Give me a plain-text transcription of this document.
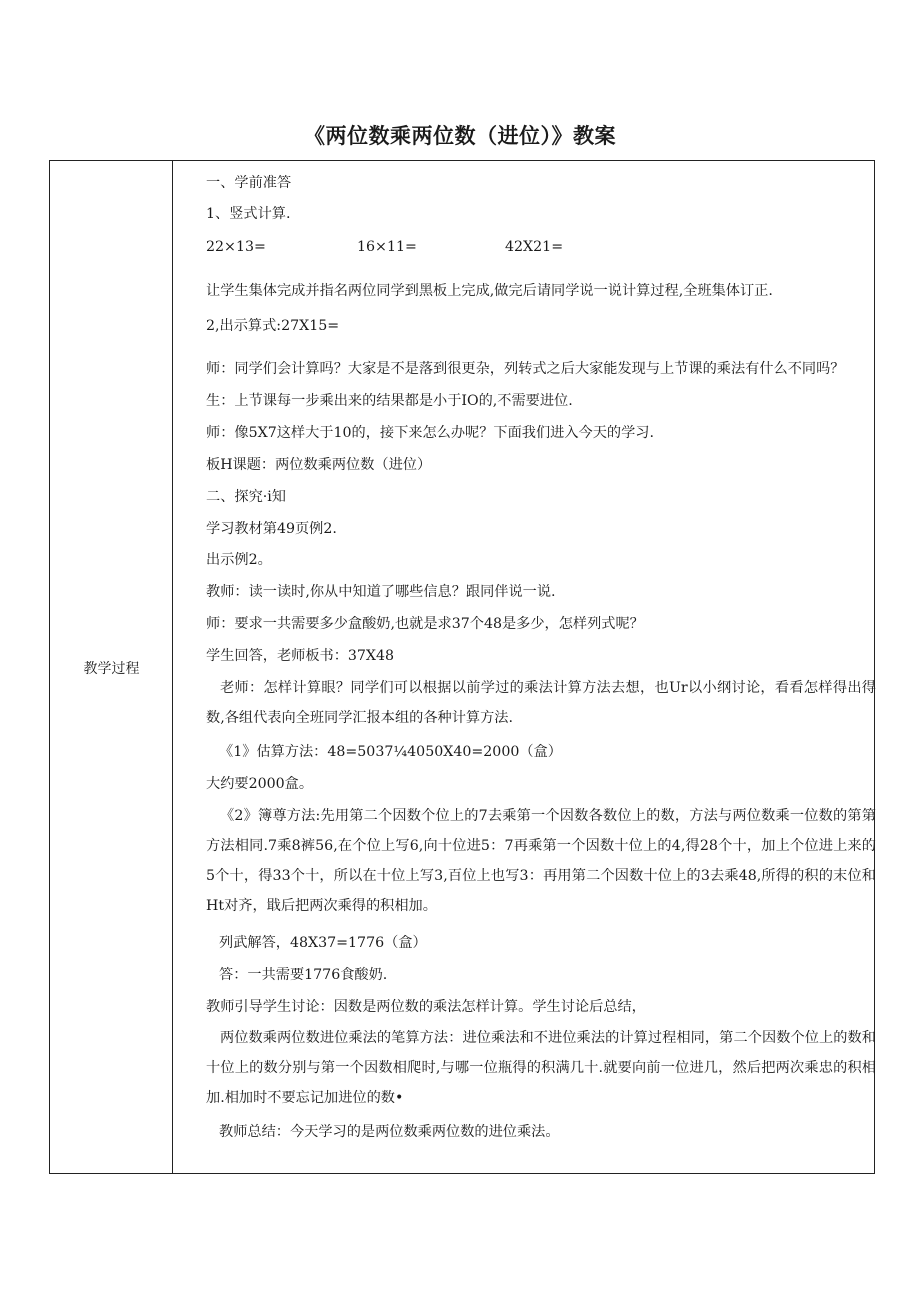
《两位数乘两位数（进位）》教案
教学过程
一、学前准答
1、竖式计算.
22×13=	16×11=	42X21=
让学生集体完成并指名两位同学到黑板上完成,做完后请同学说一说计算过程,全班集体订正.
2,出示算式:27X15=
师：同学们会计算吗？大家是不是落到很更杂，列转式之后大家能发现与上节课的乘法有什么不同吗？
生：上节课每一步乘出来的结果都是小于IO的,不需要进位.
师：像5X7这样大于10的，接下来怎么办呢？下面我们进入今天的学习.
板H课题：两位数乘两位数（进位）
二、探究·i知
学习教材第49页例2.
出示例2。
教师：读一读时,你从中知道了哪些信息？跟同伴说一说.
师：要求一共需要多少盒酸奶,也就是求37个48是多少，怎样列式呢？
学生回答，老师板书：37X48
老师：怎样计算眼？同学们可以根据以前学过的乘法计算方法去想，也Ur以小纲讨论，看看怎样得出得数,各组代表向全班同学汇报本组的各种计算方法.
《1》估算方法：48=5037¼4050X40=2000（盒）
大约要2000盒。
《2》簿尊方法:先用第二个因数个位上的7去乘第一个因数各数位上的数，方法与两位数乘一位数的第第方法相同.7乘8裤56,在个位上写6,向十位进5：7再乘第一个因数十位上的4,得28个十，加上个位进上来的5个十，得33个十，所以在十位上写3,百位上也写3：再用第二个因数十位上的3去乘48,所得的积的末位和Ht对齐，戢后把两次乘得的积相加。
列武解答，48X37=1776（盒）
答：一共需要1776食酸奶.
教师引导学生讨论：因数是两位数的乘法怎样计算。学生讨论后总结，
两位数乘两位数进位乘法的笔算方法：进位乘法和不进位乘法的计算过程相同，第二个因数个位上的数和十位上的数分别与第一个因数相爬时,与哪一位瓶得的积满几十.就要向前一位进几，然后把两次乘忠的积相加.相加时不要忘记加进位的数•
教师总结：今天学习的是两位数乘两位数的进位乘法。
